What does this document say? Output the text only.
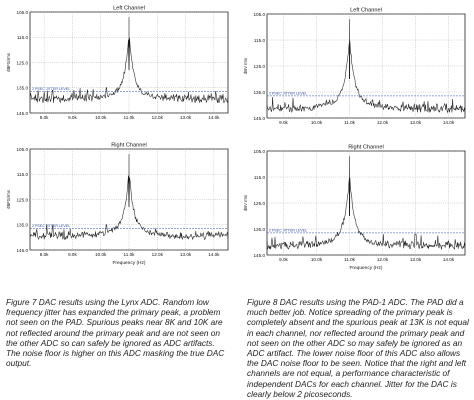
Left Channel
105.0
115.0
125.0
135.0
145.0
dBFS/rms
8.0k	9.0k	10.0k	11.0k	12.0k	13.0k	14.0k
2 PSEC JITTER LEVEL
Right Channel
105.0
115.0
125.0
135.0
145.0
dBFS/rms
8.0k	9.0k	10.0k	11.0k	12.0k	13.0k	14.0k
Frequency (Hz)
2 PSEC JITTER LEVEL

Figure 7 DAC results using the Lynx ADC. Random low frequency jitter has expanded the primary peak, a problem not seen on the PAD. Spurious peaks near 8K and 10K are not reflected around the primary peak and are not seen on the other ADC so can safely be ignored as ADC artifacts. The noise floor is higher on this ADC masking the true DAC output.

Left Channel
105.0
115.0
125.0
135.0
145.0
dBV rms
9.0k	10.0k	11.0k	12.0k	13.0k	14.0k
2 PSEC JITTER LEVEL
Right Channel
105.0
115.0
125.0
135.0
145.0
dBV rms
9.0k	10.0k	11.0k	12.0k	13.0k	14.0k
Frequency (Hz)
2 PSEC JITTER LEVEL

Figure 8 DAC results using the PAD-1 ADC. The PAD did a much better job. Notice spreading of the primary peak is completely absent and the spurious peak at 13K is not equal in each channel, nor reflected around the primary peak and not seen on the other ADC so may safely be ignored as an ADC artifact. The lower noise floor of this ADC also allows the DAC noise floor to be seen. Notice that the right and left channels are not equal, a performance characteristic of independent DACs for each channel. Jitter for the DAC is clearly below 2 picoseconds.
